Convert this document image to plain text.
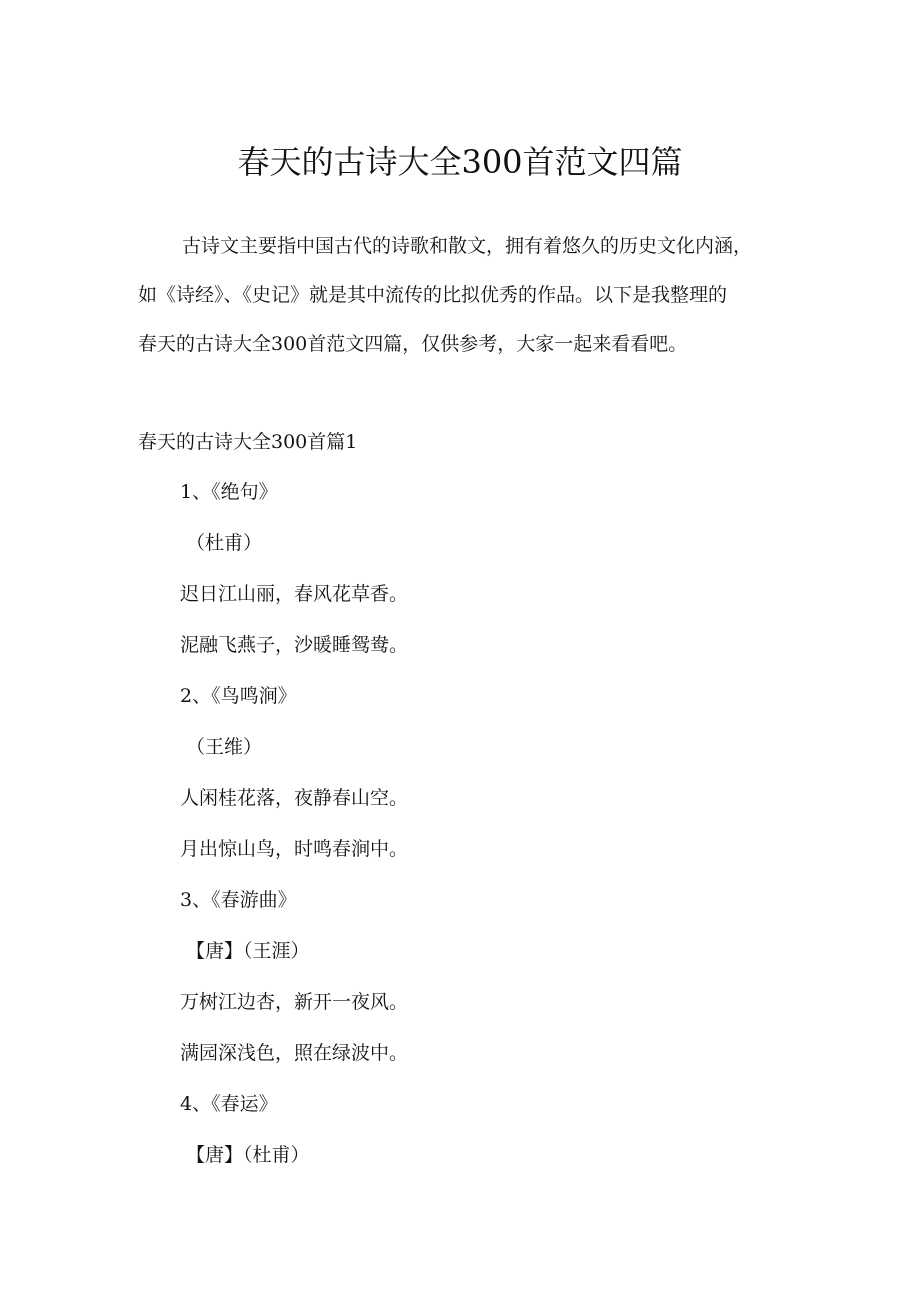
春天的古诗大全300首范文四篇

古诗文主要指中国古代的诗歌和散文，拥有着悠久的历史文化内涵，
如《诗经》、《史记》就是其中流传的比拟优秀的作品。以下是我整理的
春天的古诗大全300首范文四篇，仅供参考，大家一起来看看吧。

春天的古诗大全300首篇1
1、《绝句》
（杜甫）
迟日江山丽，春风花草香。
泥融飞燕子，沙暖睡鸳鸯。
2、《鸟鸣涧》
（王维）
人闲桂花落，夜静春山空。
月出惊山鸟，时鸣春涧中。
3、《春游曲》
【唐】（王涯）
万树江边杏，新开一夜风。
满园深浅色，照在绿波中。
4、《春运》
【唐】（杜甫）
